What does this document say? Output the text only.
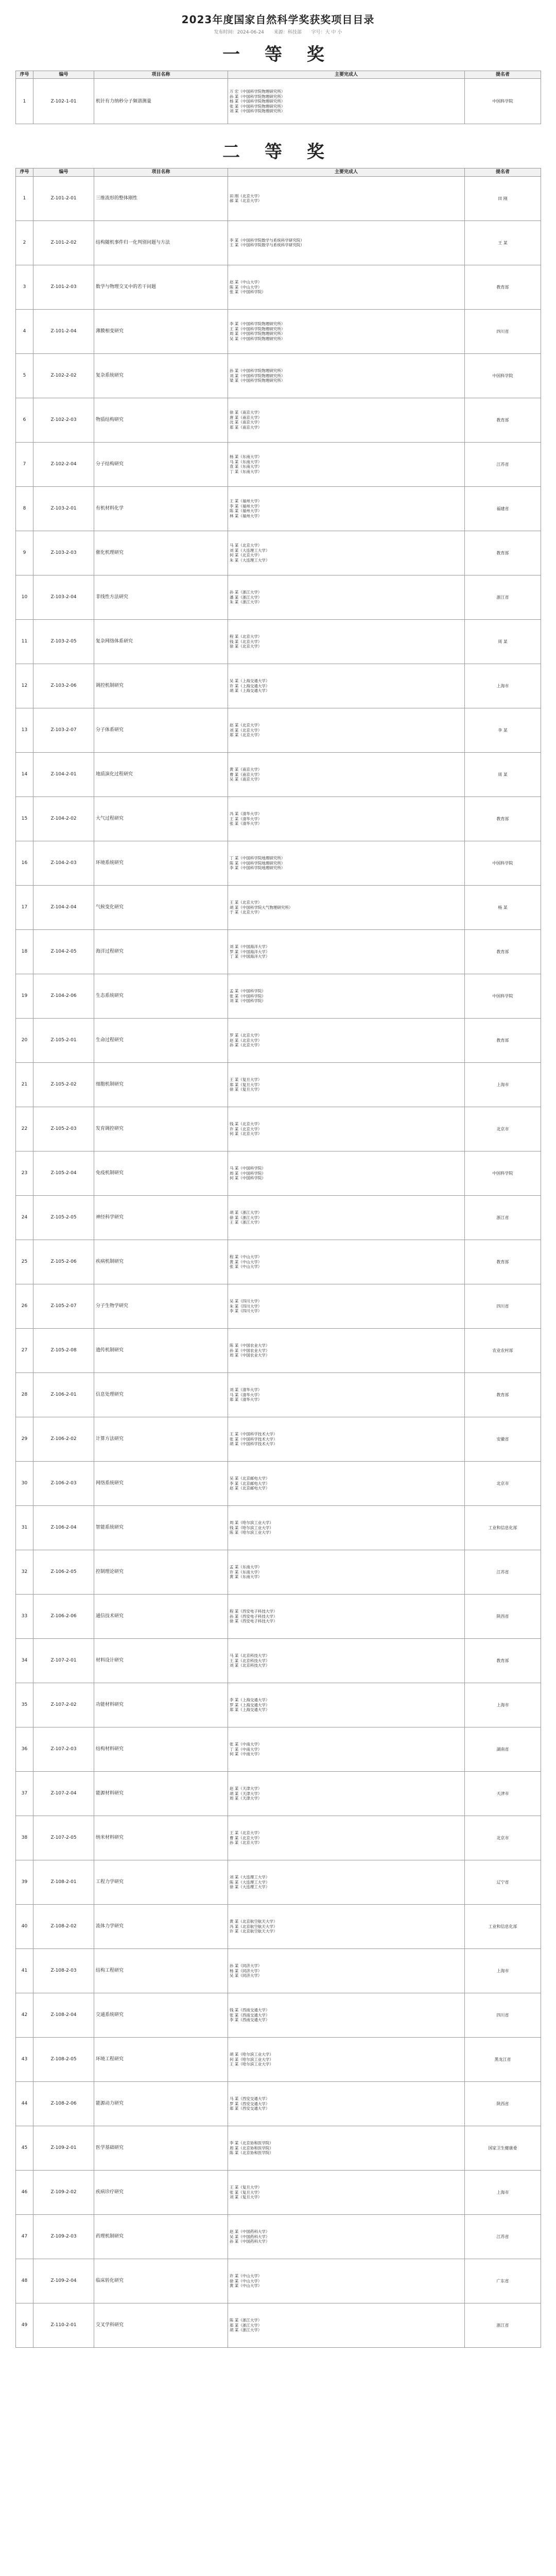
2023年度国家自然科学奖获奖项目目录
发布时间：2024-06-24 来源：科技部 字号：大 中 小
一 等 奖
序号	编号	项目名称	主要完成人	提名者
1	Z-102-1-01	机针有力纳秒分子频谱测量	万 宏（中国科学院物理研究所）
孙 某（中国科学院物理研究所）
杨 某（中国科学院物理研究所）
张 某（中国科学院物理研究所）
刘 某（中国科学院物理研究所）	中国科学院
二 等 奖
序号	编号	项目名称	主要完成人	提名者
1	Z-101-2-01	三维流形的整体刚性	田 刚（北京大学）
郝 某（北京大学）	田 刚
2	Z-101-2-02	结构随机事件归一化判别问题与方法	李 某（中国科学院数学与系统科学研究院）
王 某（中国科学院数学与系统科学研究院）	王 某
3	Z-101-2-03	数学与物理交叉中的若干问题	赵 某（中山大学）
陈 某（中山大学）
张 某（中国科学院）	教育部
4	Z-101-2-04	薄膜相变研究	李 某（中国科学院物理研究所）
王 某（中国科学院物理研究所）
周 某（中国科学院物理研究所）
吴 某（中国科学院物理研究所）	四川省
5	Z-102-2-02	复杂系统研究	孙 某（中国科学院物理研究所）
刘 某（中国科学院物理研究所）
梁 某（中国科学院物理研究所）	中国科学院
6	Z-102-2-03	物质结构研究	徐 某（南京大学）
唐 某（南京大学）
沈 某（南京大学）
郑 某（南京大学）	教育部
7	Z-102-2-04	分子结构研究	杨 某（东南大学）
马 某（东南大学）
袁 某（东南大学）
丁 某（东南大学）	江苏省
8	Z-103-2-01	有机材料化学	王 某（福州大学）
李 某（福州大学）
陈 某（福州大学）
林 某（福州大学）	福建省
9	Z-103-2-03	催化机理研究	马 某（北京大学）
刘 某（大连理工大学）
何 某（北京大学）
朱 某（大连理工大学）	教育部
10	Z-103-2-04	非线性方法研究	孙 某（浙江大学）
潘 某（浙江大学）
朱 某（浙江大学）	浙江省
11	Z-103-2-05	复杂网络体系研究	程 某（北京大学）
钱 某（北京大学）
徐 某（北京大学）	周 某
12	Z-103-2-06	调控机制研究	吴 某（上海交通大学）
许 某（上海交通大学）
胡 某（上海交通大学）	上海市
13	Z-103-2-07	分子体系研究	赵 某（北京大学）
刘 某（北京大学）
郑 某（北京大学）	李 某
14	Z-104-2-01	地质演化过程研究	黄 某（南京大学）
曹 某（南京大学）
吴 某（南京大学）	周 某
15	Z-104-2-02	大气过程研究	冯 某（清华大学）
王 某（清华大学）
张 某（清华大学）	教育部
16	Z-104-2-03	环境系统研究	丁 某（中国科学院地理研究所）
陈 某（中国科学院地理研究所）
李 某（中国科学院地理研究所）	中国科学院
17	Z-104-2-04	气候变化研究	王 某（北京大学）
胡 某（中国科学院大气物理研究所）
于 某（北京大学）	杨 某
18	Z-104-2-05	海洋过程研究	刘 某（中国海洋大学）
罗 某（中国海洋大学）
丁 某（中国海洋大学）	教育部
19	Z-104-2-06	生态系统研究	孟 某（中国科学院）
张 某（中国科学院）
刘 某（中国科学院）	中国科学院
20	Z-105-2-01	生命过程研究	罗 某（北京大学）
赵 某（北京大学）
孙 某（北京大学）	教育部
21	Z-105-2-02	细胞机制研究	王 某（复旦大学）
郑 某（复旦大学）
徐 某（复旦大学）	上海市
22	Z-105-2-03	发育调控研究	钱 某（北京大学）
许 某（北京大学）
何 某（北京大学）	北京市
23	Z-105-2-04	免疫机制研究	马 某（中国科学院）
周 某（中国科学院）
何 某（中国科学院）	中国科学院
24	Z-105-2-05	神经科学研究	胡 某（浙江大学）
徐 某（浙江大学）
王 某（浙江大学）	浙江省
25	Z-105-2-06	疾病机制研究	程 某（中山大学）
黄 某（中山大学）
张 某（中山大学）	教育部
26	Z-105-2-07	分子生物学研究	吴 某（四川大学）
朱 某（四川大学）
李 某（四川大学）	四川省
27	Z-105-2-08	遗传机制研究	陈 某（中国农业大学）
孙 某（中国农业大学）
周 某（中国农业大学）	农业农村部
28	Z-106-2-01	信息处理研究	刘 某（清华大学）
马 某（清华大学）
郑 某（清华大学）	教育部
29	Z-106-2-02	计算方法研究	王 某（中国科学技术大学）
张 某（中国科学技术大学）
胡 某（中国科学技术大学）	安徽省
30	Z-106-2-03	网络系统研究	吴 某（北京邮电大学）
李 某（北京邮电大学）
赵 某（北京邮电大学）	北京市
31	Z-106-2-04	智能系统研究	周 某（哈尔滨工业大学）
钱 某（哈尔滨工业大学）
陈 某（哈尔滨工业大学）	工业和信息化部
32	Z-106-2-05	控制理论研究	孟 某（东南大学）
许 某（东南大学）
黄 某（东南大学）	江苏省
33	Z-106-2-06	通信技术研究	程 某（西安电子科技大学）
孙 某（西安电子科技大学）
徐 某（西安电子科技大学）	陕西省
34	Z-107-2-01	材料设计研究	马 某（北京科技大学）
王 某（北京科技大学）
刘 某（北京科技大学）	教育部
35	Z-107-2-02	功能材料研究	李 某（上海交通大学）
罗 某（上海交通大学）
郑 某（上海交通大学）	上海市
36	Z-107-2-03	结构材料研究	张 某（中南大学）
丁 某（中南大学）
何 某（中南大学）	湖南省
37	Z-107-2-04	能源材料研究	赵 某（天津大学）
胡 某（天津大学）
周 某（天津大学）	天津市
38	Z-107-2-05	纳米材料研究	王 某（北京大学）
曹 某（北京大学）
孙 某（北京大学）	北京市
39	Z-108-2-01	工程力学研究	刘 某（大连理工大学）
陈 某（大连理工大学）
徐 某（大连理工大学）	辽宁省
40	Z-108-2-02	流体力学研究	黄 某（北京航空航天大学）
冯 某（北京航空航天大学）
许 某（北京航空航天大学）	工业和信息化部
41	Z-108-2-03	结构工程研究	孙 某（同济大学）
杨 某（同济大学）
吴 某（同济大学）	上海市
42	Z-108-2-04	交通系统研究	钱 某（西南交通大学）
张 某（西南交通大学）
李 某（西南交通大学）	四川省
43	Z-108-2-05	环境工程研究	胡 某（哈尔滨工业大学）
何 某（哈尔滨工业大学）
王 某（哈尔滨工业大学）	黑龙江省
44	Z-108-2-06	能源动力研究	马 某（西安交通大学）
罗 某（西安交通大学）
郑 某（西安交通大学）	陕西省
45	Z-109-2-01	医学基础研究	李 某（北京协和医学院）
周 某（北京协和医学院）
陈 某（北京协和医学院）	国家卫生健康委
46	Z-109-2-02	疾病诊疗研究	王 某（复旦大学）
张 某（复旦大学）
刘 某（复旦大学）	上海市
47	Z-109-2-03	药理机制研究	赵 某（中国药科大学）
吴 某（中国药科大学）
孙 某（中国药科大学）	江苏省
48	Z-109-2-04	临床转化研究	许 某（中山大学）
徐 某（中山大学）
黄 某（中山大学）	广东省
49	Z-110-2-01	交叉学科研究	陈 某（浙江大学）
郑 某（浙江大学）
胡 某（浙江大学）	浙江省
